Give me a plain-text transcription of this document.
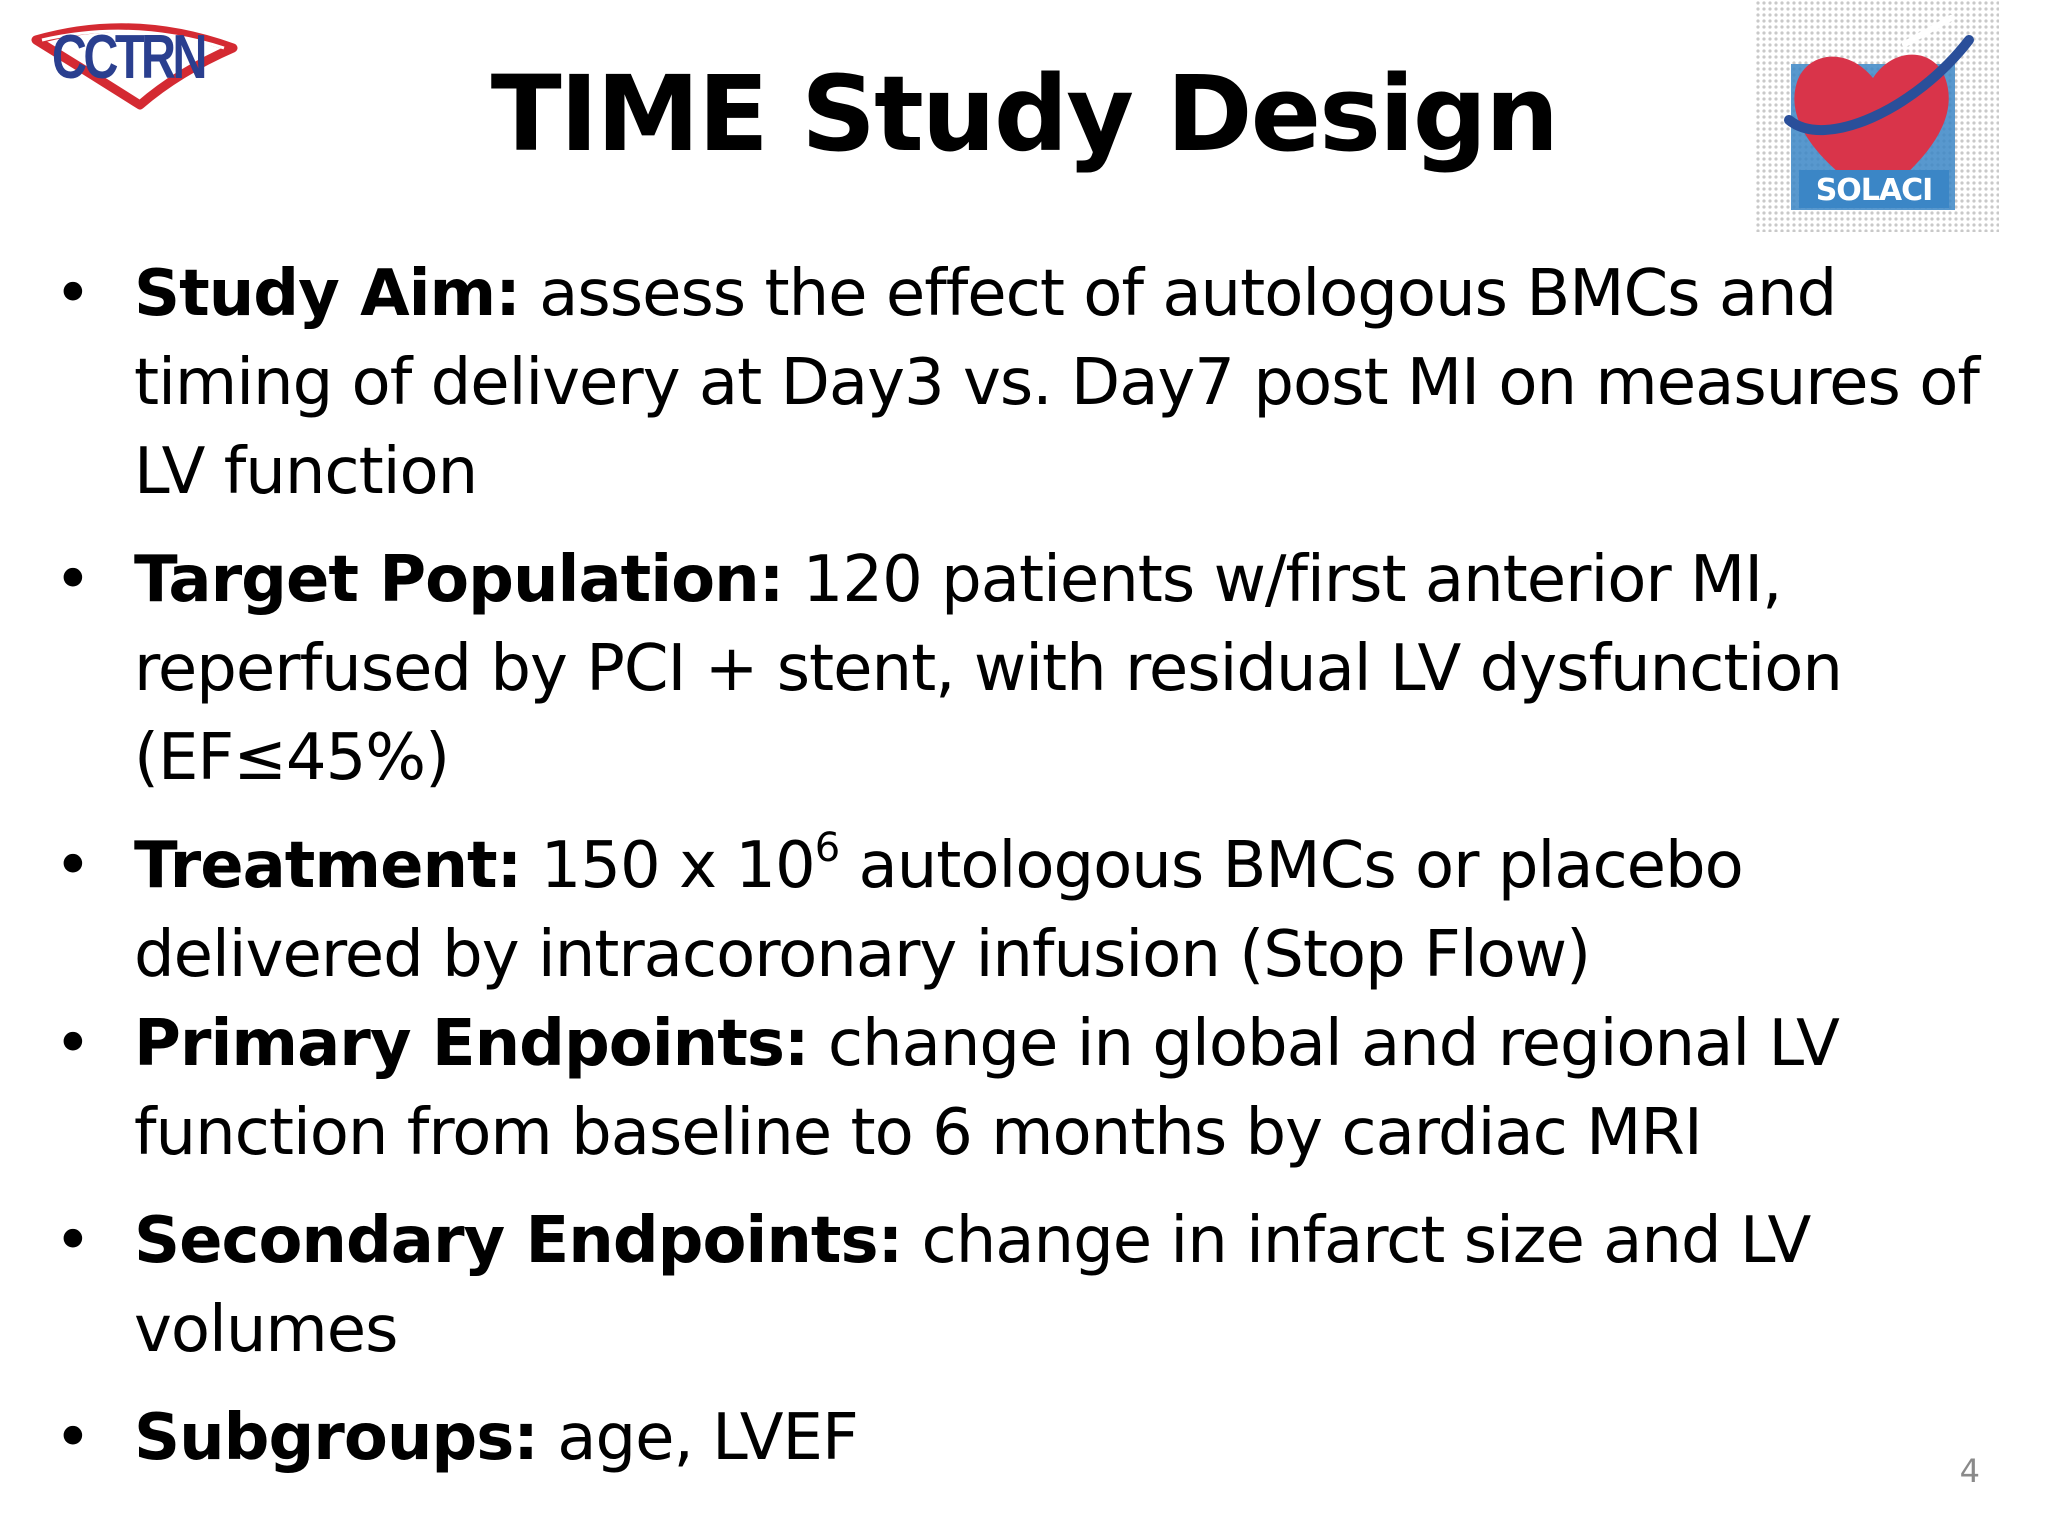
CCTRN
SOLACI
TIME Study Design
• Study Aim: assess the effect of autologous BMCs and timing of delivery at Day3 vs. Day7 post MI on measures of LV function
• Target Population: 120 patients w/first anterior MI, reperfused by PCI + stent, with residual LV dysfunction (EF≤45%)
• Treatment: 150 x $10^6$ autologous BMCs or placebo delivered by intracoronary infusion (Stop Flow)
• Primary Endpoints: change in global and regional LV function from baseline to 6 months by cardiac MRI
• Secondary Endpoints: change in infarct size and LV volumes
• Subgroups: age, LVEF	4
